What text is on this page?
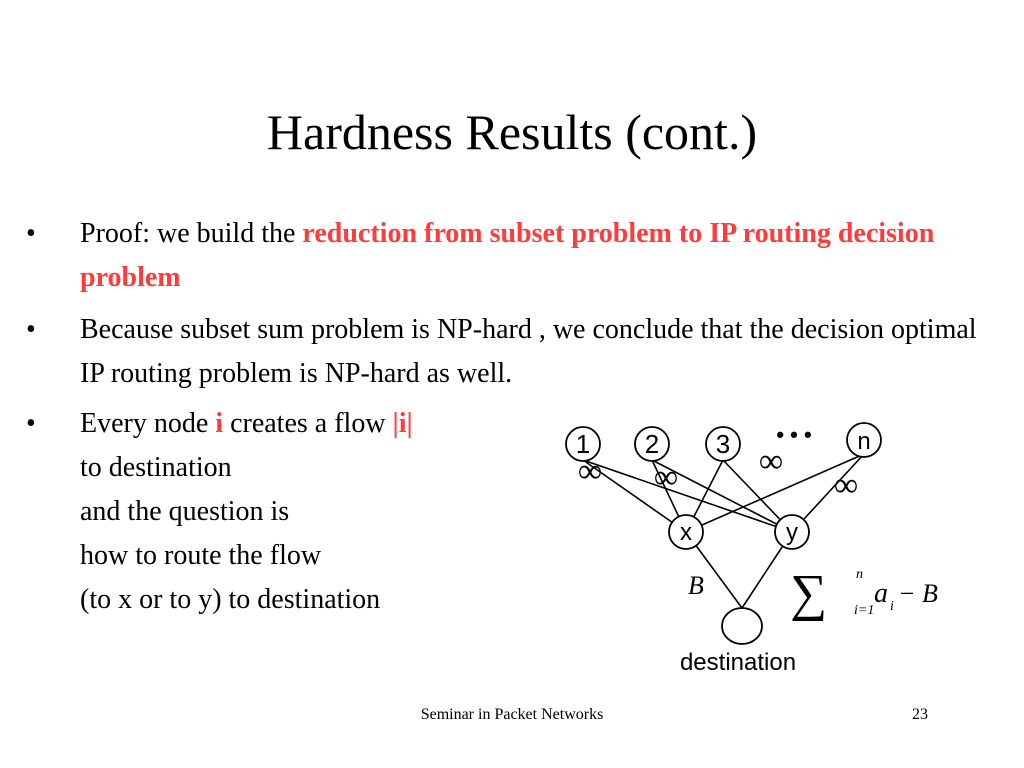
Hardness Results (cont.)
• Proof: we build the reduction from subset problem to IP routing decision problem
• Because subset sum problem is NP-hard , we conclude that the decision optimal IP routing problem is NP-hard as well.
• Every node i creates a flow |i|
to destination
and the question is
how to route the flow
(to x or to y) to destination
1 2 3	n
x	y
• • •
destination
∞ ∞ ∞
∞
B ∑ n
i=1
a i − B
Seminar in Packet Networks	23
